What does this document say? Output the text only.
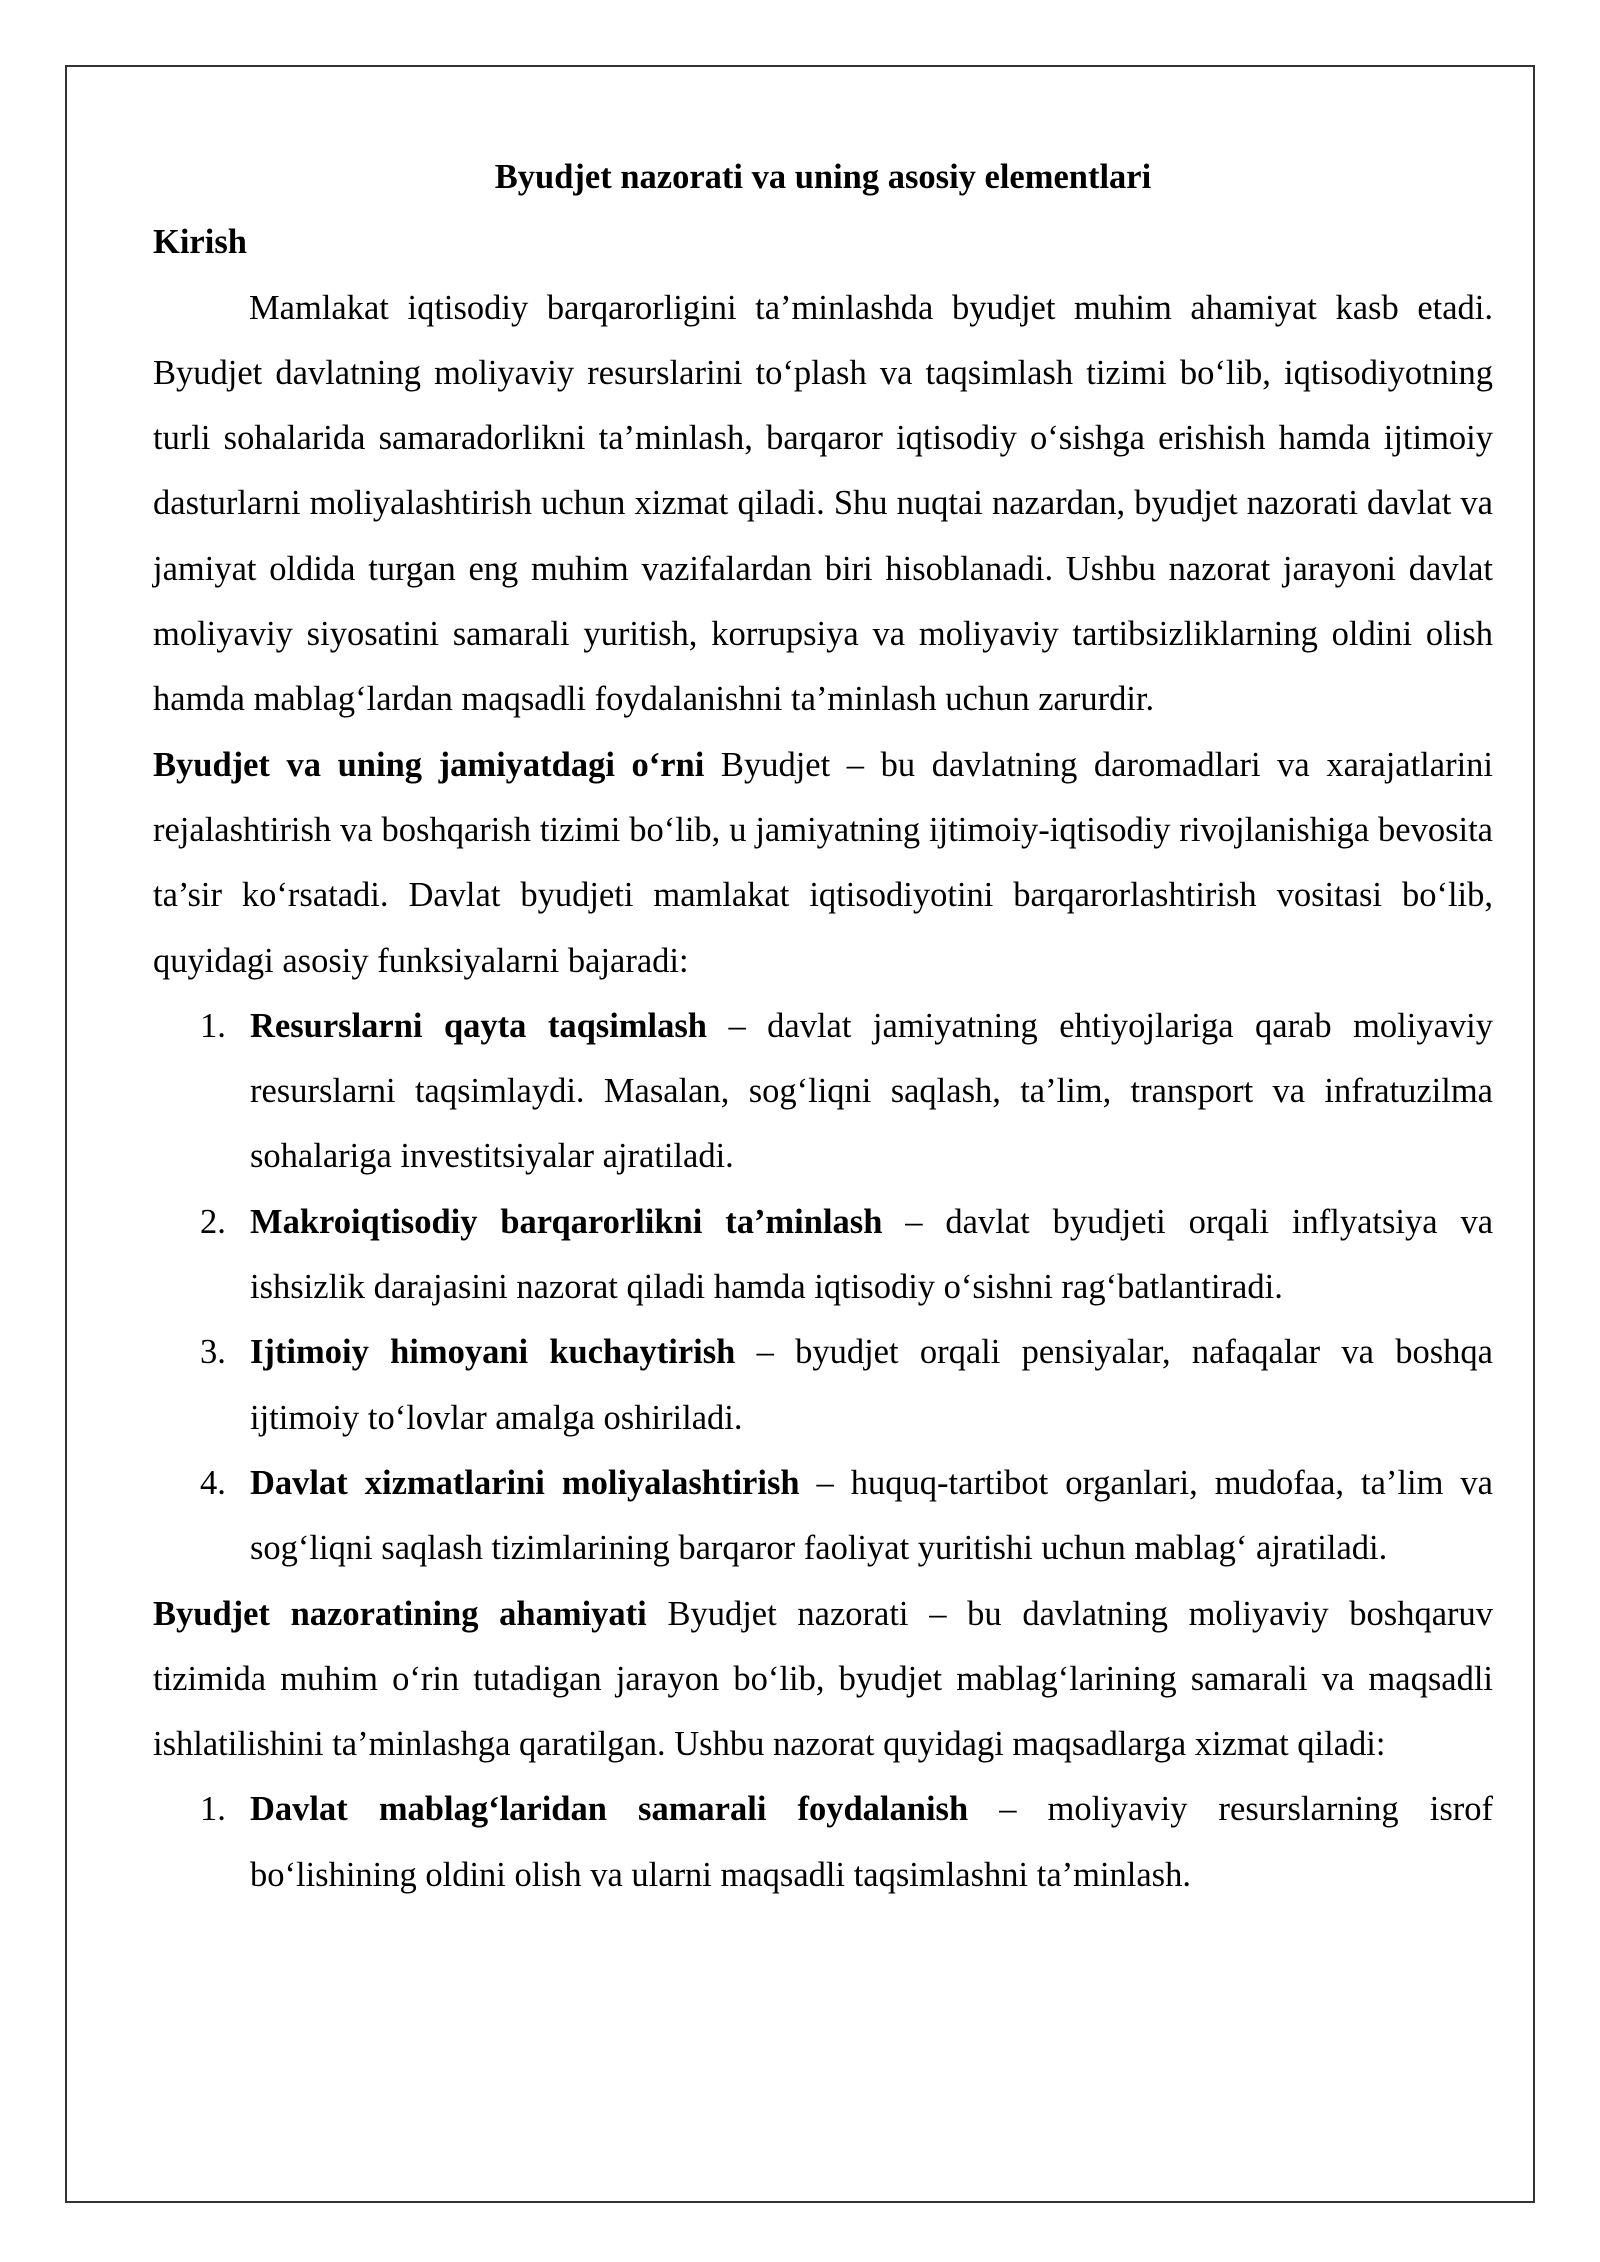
Byudjet nazorati va uning asosiy elementlari

Kirish

Mamlakat iqtisodiy barqarorligini ta’minlashda byudjet muhim ahamiyat kasb etadi. Byudjet davlatning moliyaviy resurslarini to‘plash va taqsimlash tizimi bo‘lib, iqtisodiyotning turli sohalarida samaradorlikni ta’minlash, barqaror iqtisodiy o‘sishga erishish hamda ijtimoiy dasturlarni moliyalashtirish uchun xizmat qiladi. Shu nuqtai nazardan, byudjet nazorati davlat va jamiyat oldida turgan eng muhim vazifalardan biri hisoblanadi. Ushbu nazorat jarayoni davlat moliyaviy siyosatini samarali yuritish, korrupsiya va moliyaviy tartibsizliklarning oldini olish hamda mablag‘lardan maqsadli foydalanishni ta’minlash uchun zarurdir.

Byudjet va uning jamiyatdagi o‘rni Byudjet – bu davlatning daromadlari va xarajatlarini rejalashtirish va boshqarish tizimi bo‘lib, u jamiyatning ijtimoiy-iqtisodiy rivojlanishiga bevosita ta’sir ko‘rsatadi. Davlat byudjeti mamlakat iqtisodiyotini barqarorlashtirish vositasi bo‘lib, quyidagi asosiy funksiyalarni bajaradi:

1. Resurslarni qayta taqsimlash – davlat jamiyatning ehtiyojlariga qarab moliyaviy resurslarni taqsimlaydi. Masalan, sog‘liqni saqlash, ta’lim, transport va infratuzilma sohalariga investitsiyalar ajratiladi.
2. Makroiqtisodiy barqarorlikni ta’minlash – davlat byudjeti orqali inflyatsiya va ishsizlik darajasini nazorat qiladi hamda iqtisodiy o‘sishni rag‘batlantiradi.
3. Ijtimoiy himoyani kuchaytirish – byudjet orqali pensiyalar, nafaqalar va boshqa ijtimoiy to‘lovlar amalga oshiriladi.
4. Davlat xizmatlarini moliyalashtirish – huquq-tartibot organlari, mudofaa, ta’lim va sog‘liqni saqlash tizimlarining barqaror faoliyat yuritishi uchun mablag‘ ajratiladi.

Byudjet nazoratining ahamiyati Byudjet nazorati – bu davlatning moliyaviy boshqaruv tizimida muhim o‘rin tutadigan jarayon bo‘lib, byudjet mablag‘larining samarali va maqsadli ishlatilishini ta’minlashga qaratilgan. Ushbu nazorat quyidagi maqsadlarga xizmat qiladi:

1. Davlat mablag‘laridan samarali foydalanish – moliyaviy resurslarning isrof bo‘lishining oldini olish va ularni maqsadli taqsimlashni ta’minlash.
